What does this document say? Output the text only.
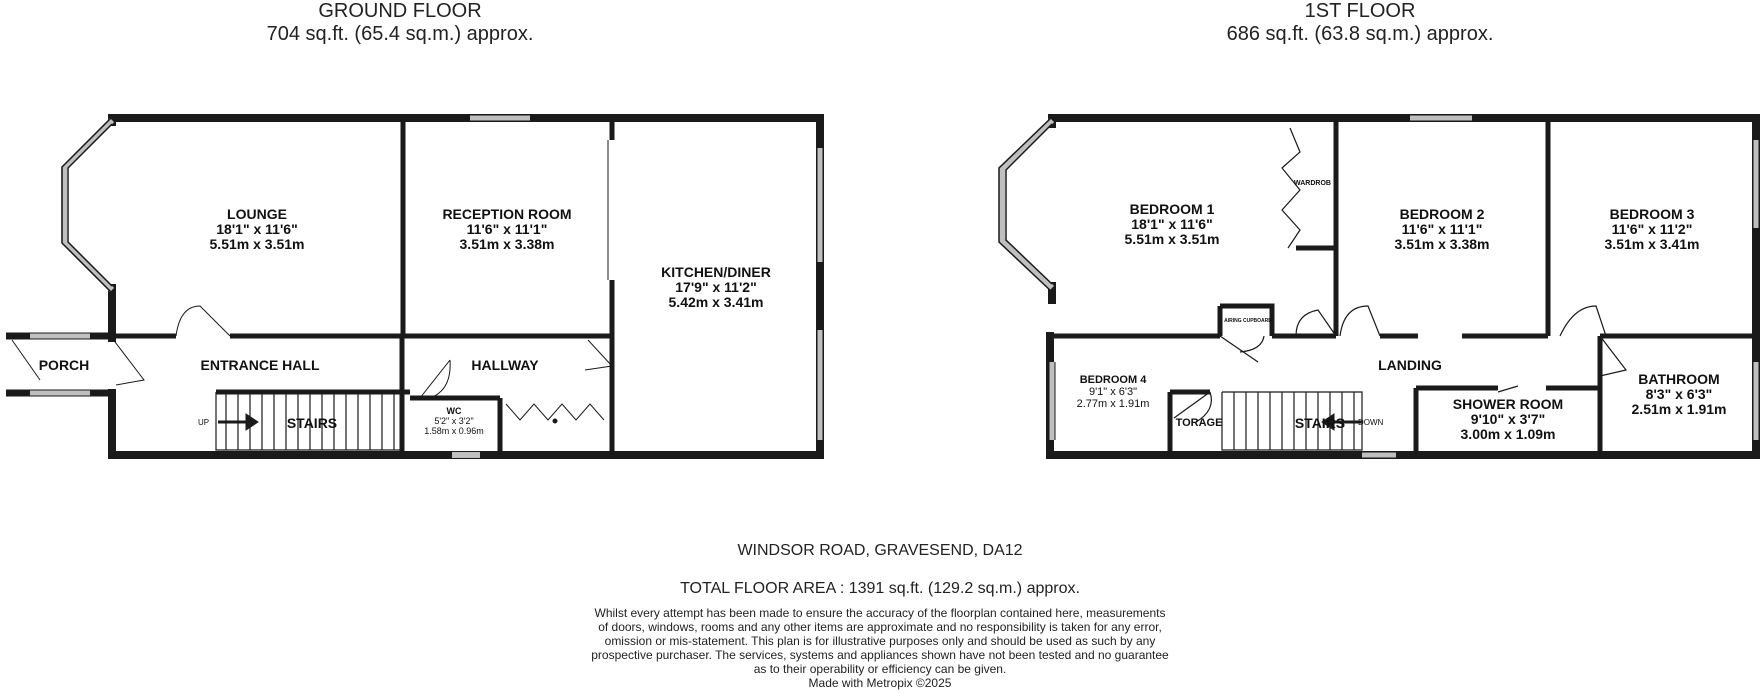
GROUND FLOOR
704 sq.ft. (65.4 sq.m.) approx.
1ST FLOOR
686 sq.ft. (63.8 sq.m.) approx.
LOUNGE
18'1" x 11'6"
5.51m x 3.51m
RECEPTION ROOM
11'6" x 11'1"
3.51m x 3.38m
KITCHEN/DINER
17'9" x 11'2"
5.42m x 3.41m
PORCH	ENTRANCE HALL	HALLWAY
STAIRS
UP
WC
5'2" x 3'2"
1.58m x 0.96m
BEDROOM 1
18'1" x 11'6"
5.51m x 3.51m
WARDROB
BEDROOM 2
11'6" x 11'1"
3.51m x 3.38m
BEDROOM 3
11'6" x 11'2"
3.51m x 3.41m
AIRING CUPBOARD
BEDROOM 4
9'1" x 6'3"
2.77m x 1.91m
TORAGE
LANDING
STAIRS	DOWN
SHOWER ROOM
9'10" x 3'7"
3.00m x 1.09m
BATHROOM
8'3" x 6'3"
2.51m x 1.91m
WINDSOR ROAD, GRAVESEND, DA12
TOTAL FLOOR AREA : 1391 sq.ft. (129.2 sq.m.) approx.
Whilst every attempt has been made to ensure the accuracy of the floorplan contained here, measurements
of doors, windows, rooms and any other items are approximate and no responsibility is taken for any error,
omission or mis-statement. This plan is for illustrative purposes only and should be used as such by any
prospective purchaser. The services, systems and appliances shown have not been tested and no guarantee
as to their operability or efficiency can be given.
Made with Metropix ©2025
